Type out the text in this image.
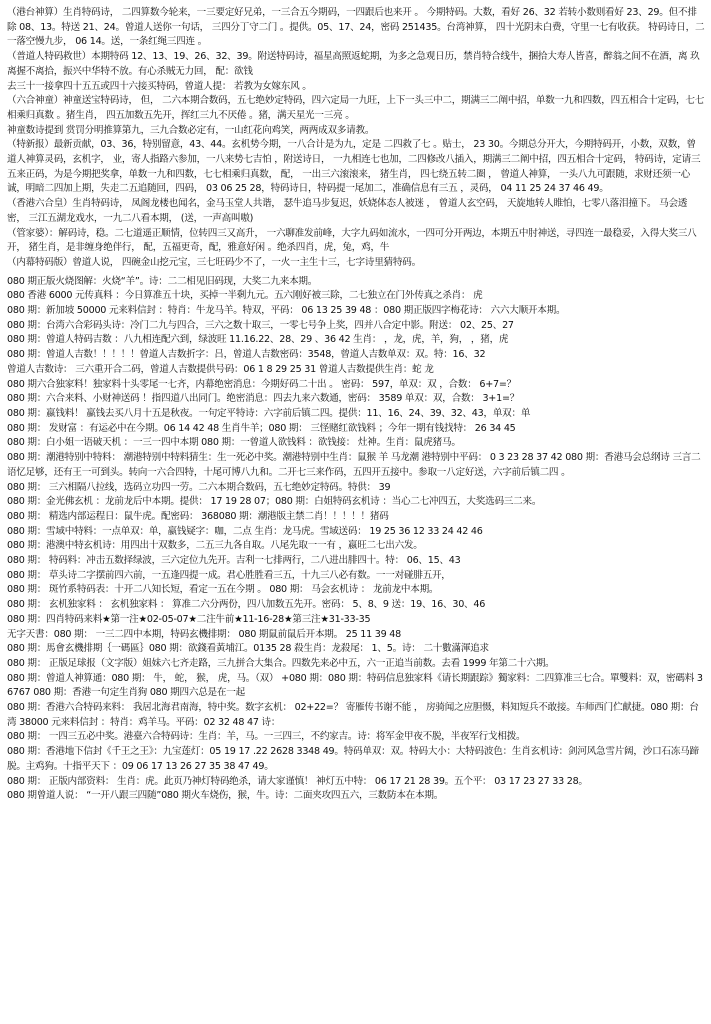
（港台神算）生肖特码诗， 二四算数今轮来，一三要定好兄弟，一三合五今期码，一四跟后也来开 。 今期特码。大数，看好 26、32 若转小数则看好 23、29。但不排除 08、13。特送 21、24。曾道人送你一句话， 三四分丁守二门 。提供。05、17、24，密码 251435。台湾神算， 四十光阴未白费，守里一七有收获。 特码诗日，二一落空慢九步， 06 14。送，一条红绳三四连 。

（普道人特码救世）本期特码 12、13、19、26、32、39。附送特码诗，福星高照返蛇期，为多之急观日历，禁肖特合线牛，捆拾大寿人皆喜，醉翁之间不在酒，离 玖离握不离拾，振兴中华特不放。有心杀贼无力回， 配：欲钱

去三十一接拿四十五五或四十六接买特码，曾道人提： 若教为女嫁东风 。

（六合神童）神童送宝特码诗， 但， 二六本期合数码，五七绝妙定特码，四六定局一九旺，上下一头三中二，期满三二阐中招，单数一九和四数，四五相合十定码，七七相乘归真数 。猪生肖， 四五加数五先开，挥红三九不厌倦 。猪，满天星光一三亮 。

神童数诗提到 赏罚分明推算第九，三九合数必定有，一山红花向鸡笑，两两成双多请教。

（特新报）最新贡献，03、36，特别留意，43、44。玄机势今期，一八合计是为九，定是 二四救了七 。贴士， 23 30。今期总分开大，今期特码开，小数，双数，曾道人神算灵码，玄机字， 业，寄人指路六参加，一八来势七吉怕 ，附送诗日， 一九相连七也加，二四修改八插入，期满三二阐中招，四五相合十定码， 特码诗，定请三五来正码，为是今期把奖拿，单数一九和四数，七七相乘归真数， 配， 一出三六滚滚来， 猪生肖， 四七绕五转二圈 ， 曾道人神算， 一头八九可跟随，求财还须一心诚，明暗二四加上期，失走二五追随回，四码， 03 06 25 28，特码诗日，特码提一尾加二，准确信息有三五 ，灵码， 04 11 25 24 37 46 49。

（香港六合皇）生肖特码诗， 凤阁龙楼也闻名，金马玉堂人共谐， 瑟牛追马步复迟，妖娆体态人被迷 ， 曾道人玄空码， 天旋地转人睢怕，七零八落泪撞下。 马会透密， 三江五湖龙戏水，一九二八看本期， (送，一声高叫嗷)

（管家婆）：解码诗，稳。二七道遥正顺情，位转四三又高升， 一六聊准发前峰，大字九码如流水，一四可分开两边，本期五中肘神送，寻四连一最稳妥，入得大奖三八开， 猪生肖，是非缠身绝伴行， 配，五福更奇，配，雅意好闲 。绝杀四肖，虎，兔，鸡，牛

（内幕特码版）曾道人说， 四碗金山挖元宝，三七旺码少不了，一火一主生十三，七字诗里猜特码。

080 期正版火烧图解：火烧“羊”。诗：二二相见旧码现，大奖二九来本期。

080 香港 6000 元传真料 ：今日算准五十块，买掉一半剩九元。五六刚好被三除，二七独立在门外传真之杀肖： 虎

080 期：新加坡 50000 元来料信封 ：特肖：牛龙马羊。特双，平码： 06 13 25 39 48 ：080 期正版四字梅花诗： 六六大顺开本期。

080 期：台湾六合彩码头诗：冷门二九与四合，三六之数十取三，一零七号争上奖，四并八合定中影。附送： 02、25、27

080 期：曾道人特码吉数 ：八九相连配六到，绿波旺 11.16.22、28、29 、36 42 生肖： ，龙，虎，羊，狗， ，猪，虎

080 期：曾道人吉数！！！！！曾道人吉数折字：吕，曾道人吉数密码：3548，曾道人吉数单双：双。特：16、32

曾道人吉数诗： 三六重开合二码，曾道人吉数提供号码：06 1 8 29 25 31 曾道人吉数提供生肖：蛇 龙

080 期六合独家料！独家料十头零尾一七齐，内幕绝密消息：今期好码二十出 。 密码： 597，单双：双 ，合数： 6+7=？

080 期：六合来料、小财神送码 ！指四道八出同门。绝密消息：四去九来六数通，密码： 3589 单双：双，合数： 3+1=？

080 期：嬴钱料！ 嬴钱去买八月十五是秋夜。一句定平特诗：六字前后镇二四。提供：11、16、24、39、32、43，单双：单

080 期： 发财富 ：有运必中在今期。06 14 42 48 生肖牛羊；080 期： 三怪赌红欲钱料 ；今年一期有钱找特： 26 34 45

080 期：白小姐一语破天机 ：一三一四中本期 080 期：一曾道人欲钱料 ：欲钱接： 灶神。生肖：鼠虎猪马。

080 期：潮港特别中特料： 潮港特别中特料猜生：生一死必中奖。潮港特别中生肖：鼠猴 羊 马龙潮 港特别中平码： 0 3 23 28 37 42 080 期：香港马会总纲诗 三言二语忆足够，还有王一可到头。转向一六合四特，十尾可博八九和。二开七三来作码，五四开五接中。参取一八定好送，六字前后镇二四 。

080 期： 三六相隔八拉线，选码立功四一劳。二六本期合数码，五七绝妙定特码。特供： 39

080 期：金光佛玄机 ：龙前龙后中本期。提供： 17 19 28 07；080 期：白姐特码玄机诗 ：当心二七冲四五，大奖选码三二来。

080 期： 精选内部运程日：鼠牛虎。配密码： 368080 期：潮港版主禁二肖！！！！！猪码

080 期：雪域中特料：一点单双：单，嬴钱疑字：咖，二点 生肖：龙马虎。雪域送码： 19 25 36 12 33 24 42 46

080 期：港澳中特玄机诗：用四出十双数多，二五三九各自取。八尾先取一一有 ，嬴旺二七出六发。

080 期： 特码料：冲击五数择绿波，三六定位九先开。吉利一七排两行，二八进出腓四十。特： 06、15、43

080 期： 草头诗二字摆前四六前，一五逢四提一成。君心胜胜看三五，十九三八必有数。一一对碰腓五开，

080 期： 斑竹系特码表：十开二八知长短，看定一五在今期 。 080 期： 马会玄机诗 ： 龙前龙中本期。

080 期： 玄机独家料 ： 玄机独家料 ： 算准二六分两份，四八加数五先开。密码： 5、8、9 送：19、16、30、46

080 期：四肖特码来料★第一注★02-05-07★二注牛前★11-16-28★第三注★31-33-35

无字天書：080 期： 一三二四中本期，特码玄機排期： 080 期鼠前鼠后开本期。 25 11 39 48

080 期：馬會玄機排期｛一碼區｝080 期：欲錢看黃埔江。0135 28 殺生肖：龙殺尾： 1、5。诗： 二十數滿渾追求

080 期： 正版足球报（文字版）姐妹六七齐走路，三九拼合大集合。四数先来必中五，六一正追当前数。去看 1999 年第二十六期。

080 期：曾道人神算通：080 期： 牛， 蛇， 猴， 虎，马。（双） +080 期：080 期：特码信息独家料《请长期跟踪》獨家料：二四算准三七合。單雙料：双，密碼料 36767 080 期：香港一句定生肖狗 080 期四六总是在一起

080 期：香港六合特码来料： 我居北海君南海，特中奖。数字玄机： 02+22=？ 寄雁传书谢不能 ， 房骑闻之应胆慑，料知短兵不敢接。车师西门伫献捷。080 期：台湾 38000 元来料信封 ：特肖：鸡羊马。平码：02 32 48 47 诗：

080 期： 一四三五必中奖。港臺六合特码诗：生肖：羊，马。一三四三，不约家吉。诗：将军金甲夜不脱，半夜军行戈相拨。

080 期：香港地下信封《千王之王》：九宝莲灯：05 19 17 .22 2628 3348 49。特码单双：双。特码大小：大特码波色：生肖玄机诗：剑河风急雪片阔，沙口石冻马蹄脱。主鸡狗。十指平天下 ：09 06 17 13 26 27 35 38 47 49。

080 期： 正版内部资料： 生肖：虎。此页乃神灯特码绝杀，请大家谨慎！ 神灯五中特： 06 17 21 28 39。五个平： 03 17 23 27 33 28。

080 期曾道人说： “一开八跟三四随”080 期火车烧伤，猴，牛。诗：二面夹攻四五六，三数防本在本期。
